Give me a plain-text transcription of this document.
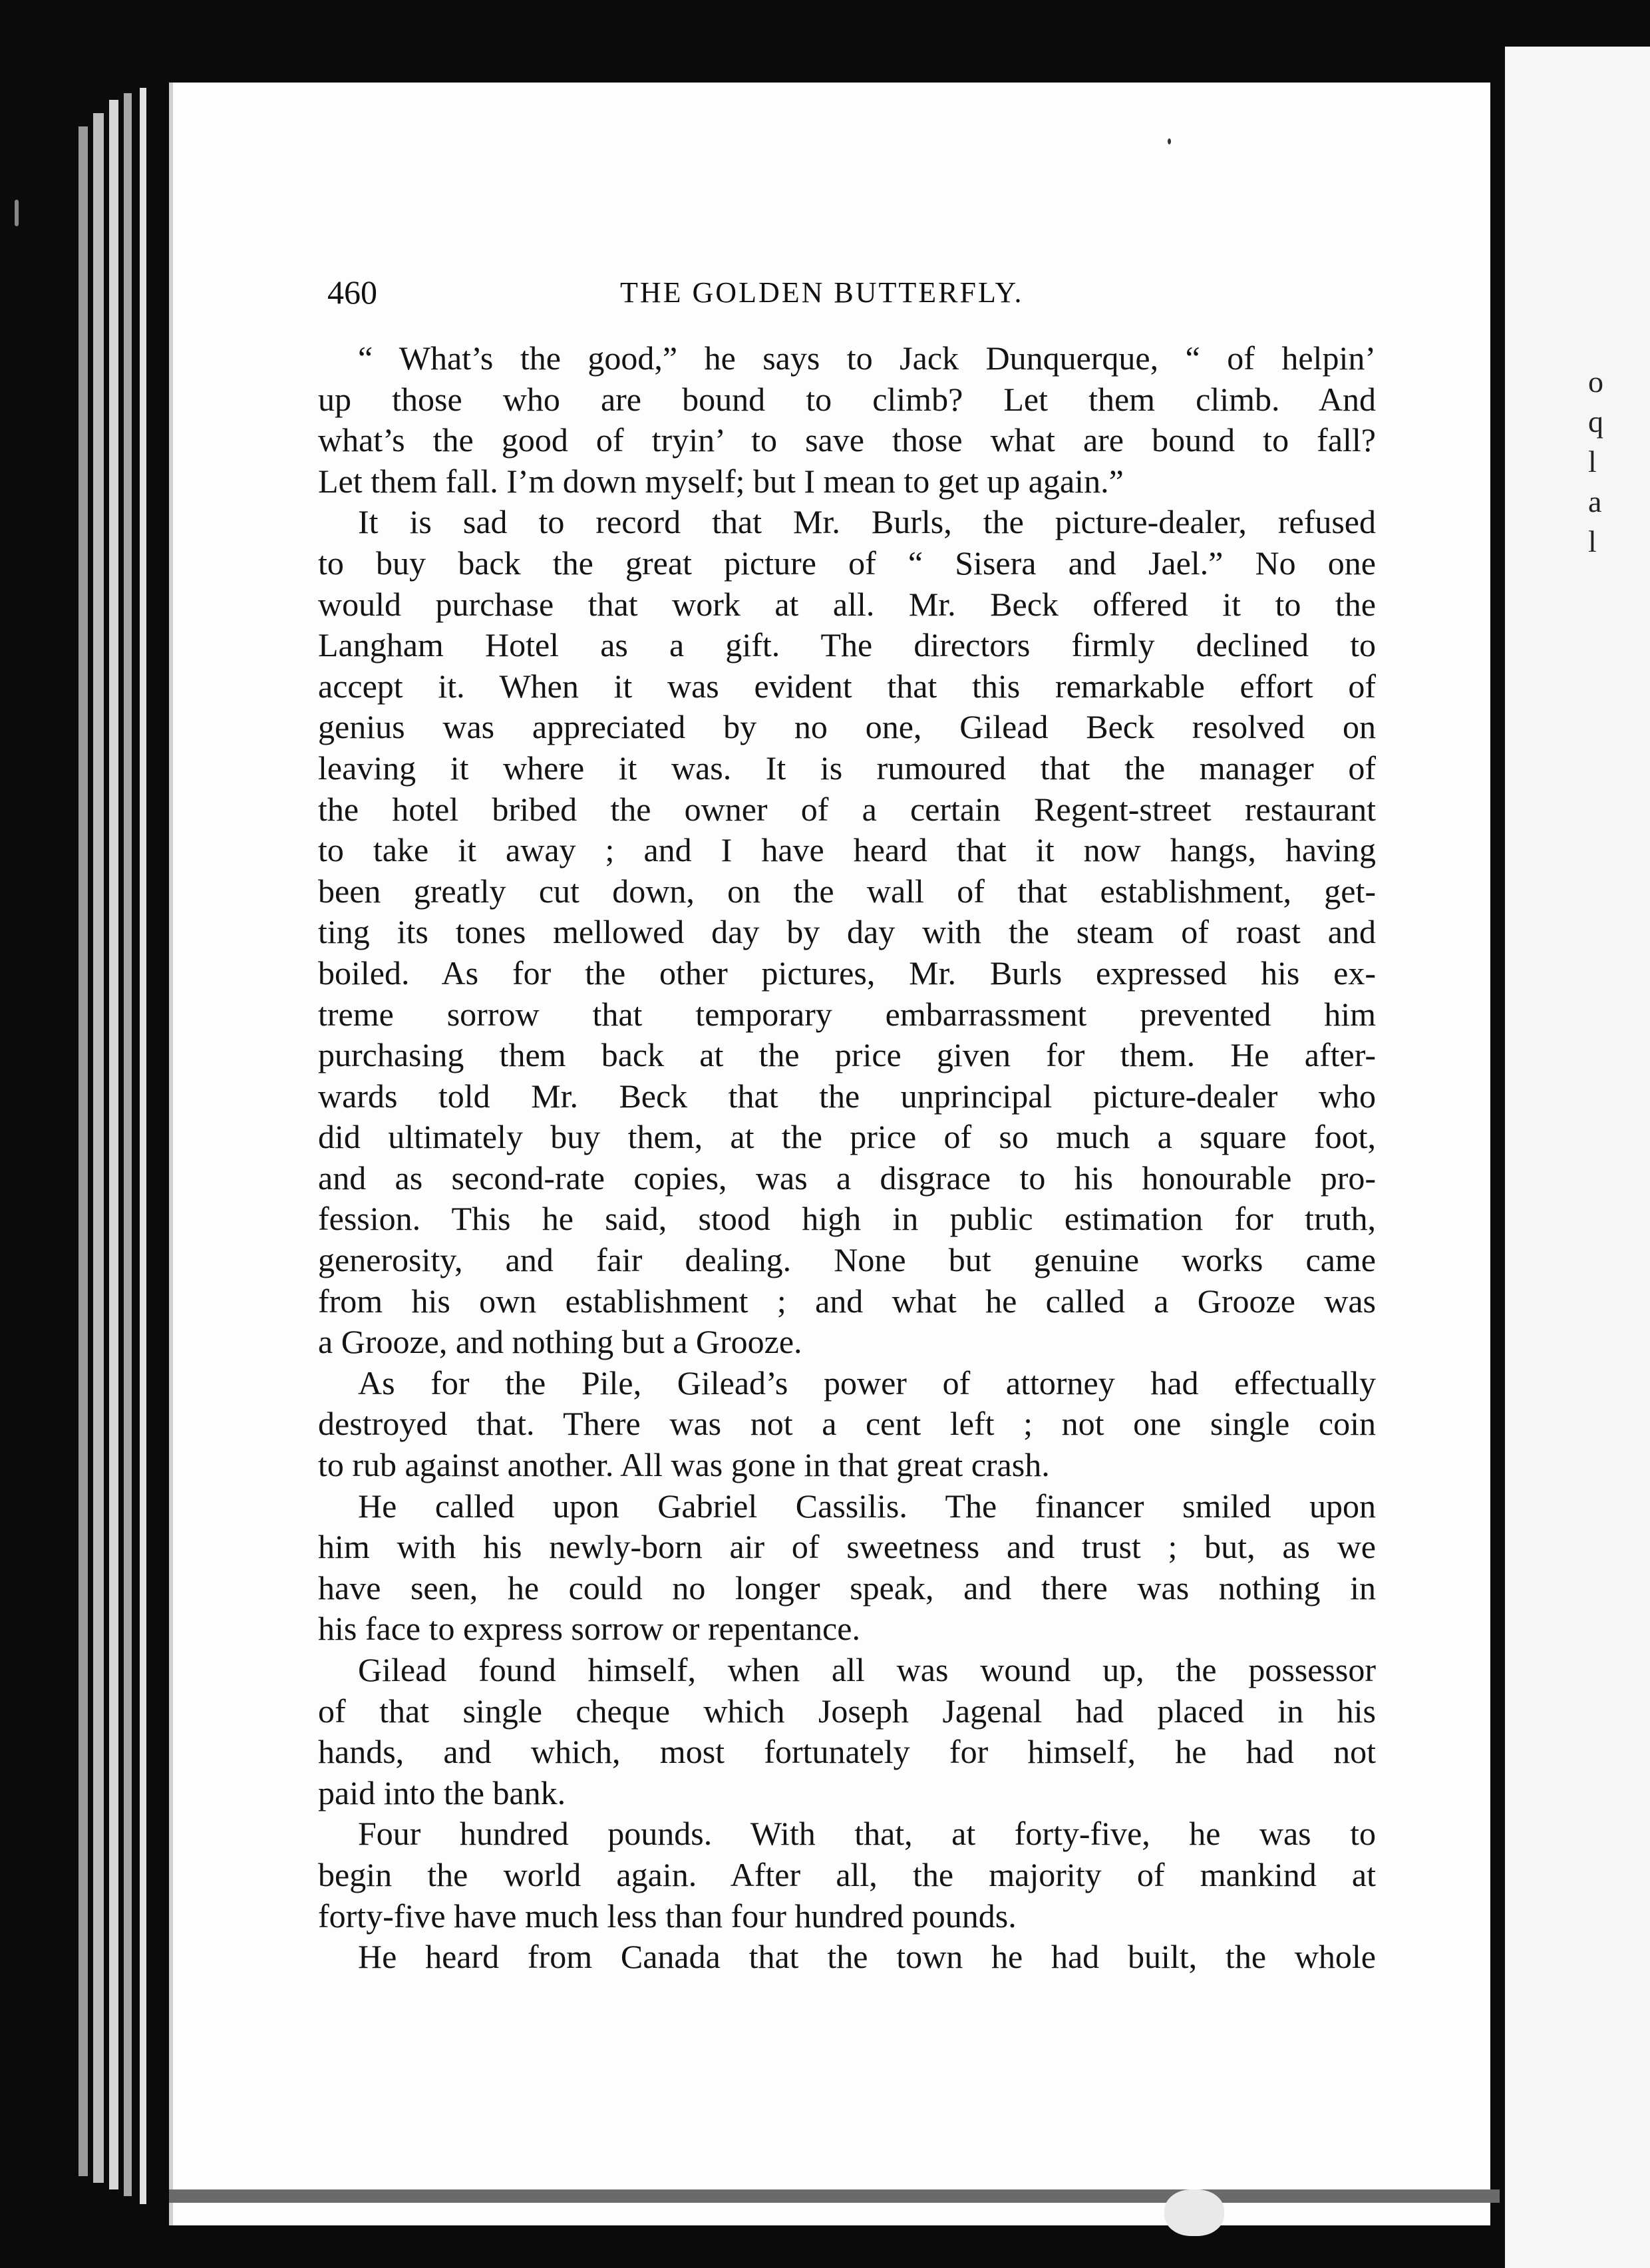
o
q
l
a
l
460	THE GOLDEN BUTTERFLY.
“ What’s the good,” he says to Jack Dunquerque, “ of helpin’
up those who are bound to climb? Let them climb. And
what’s the good of tryin’ to save those what are bound to fall?
Let them fall. I’m down myself; but I mean to get up again.”
It is sad to record that Mr. Burls, the picture-dealer, refused
to buy back the great picture of “ Sisera and Jael.” No one
would purchase that work at all. Mr. Beck offered it to the
Langham Hotel as a gift. The directors firmly declined to
accept it. When it was evident that this remarkable effort of
genius was appreciated by no one, Gilead Beck resolved on
leaving it where it was. It is rumoured that the manager of
the hotel bribed the owner of a certain Regent-street restaurant
to take it away ; and I have heard that it now hangs, having
been greatly cut down, on the wall of that establishment, get-
ting its tones mellowed day by day with the steam of roast and
boiled. As for the other pictures, Mr. Burls expressed his ex-
treme sorrow that temporary embarrassment prevented him
purchasing them back at the price given for them. He after-
wards told Mr. Beck that the unprincipal picture-dealer who
did ultimately buy them, at the price of so much a square foot,
and as second-rate copies, was a disgrace to his honourable pro-
fession. This he said, stood high in public estimation for truth,
generosity, and fair dealing. None but genuine works came
from his own establishment ; and what he called a Grooze was
a Grooze, and nothing but a Grooze.
As for the Pile, Gilead’s power of attorney had effectually
destroyed that. There was not a cent left ; not one single coin
to rub against another. All was gone in that great crash.
He called upon Gabriel Cassilis. The financer smiled upon
him with his newly-born air of sweetness and trust ; but, as we
have seen, he could no longer speak, and there was nothing in
his face to express sorrow or repentance.
Gilead found himself, when all was wound up, the possessor
of that single cheque which Joseph Jagenal had placed in his
hands, and which, most fortunately for himself, he had not
paid into the bank.
Four hundred pounds. With that, at forty-five, he was to
begin the world again. After all, the majority of mankind at
forty-five have much less than four hundred pounds.
He heard from Canada that the town he had built, the whole
